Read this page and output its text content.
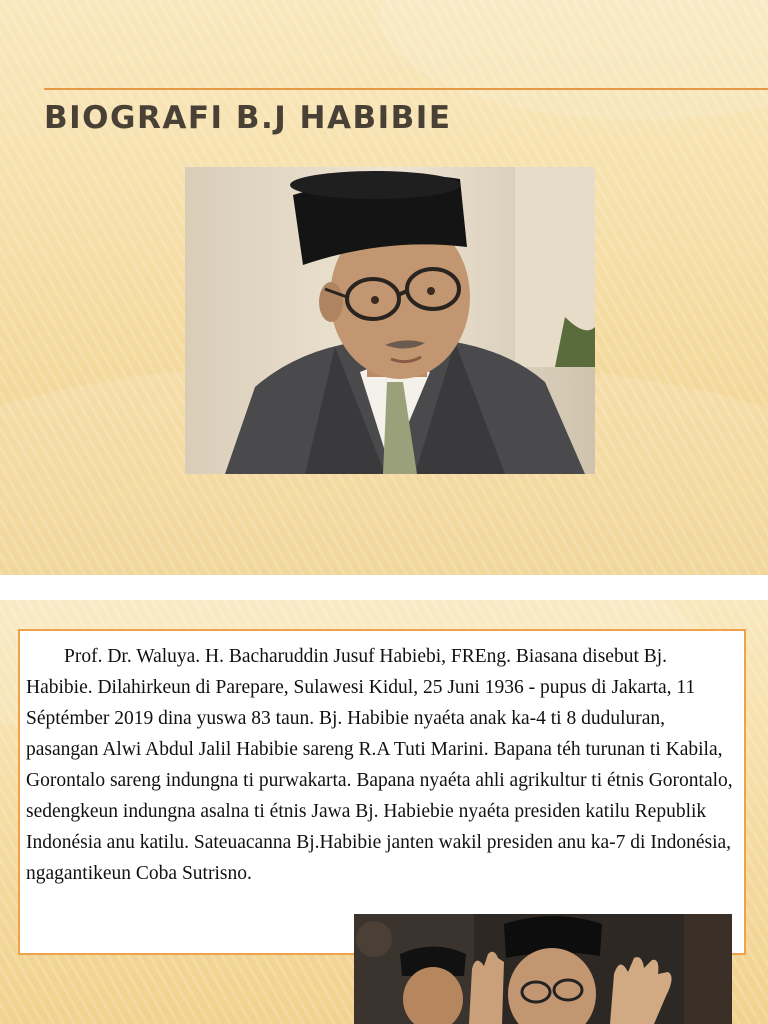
BIOGRAFI B.J HABIBIE

Prof. Dr. Waluya. H. Bacharuddin Jusuf Habiebi, FREng. Biasana disebut Bj. Habibie. Dilahirkeun di Parepare, Sulawesi Kidul, 25 Juni 1936 - pupus di Jakarta, 11 Séptémber 2019 dina yuswa 83 taun. Bj. Habibie nyaéta anak ka-4 ti 8 duduluran, pasangan Alwi Abdul Jalil Habibie sareng R.A Tuti Marini. Bapana téh turunan ti Kabila, Gorontalo sareng indungna ti purwakarta. Bapana nyaéta ahli agrikultur ti étnis Gorontalo, sedengkeun indungna asalna ti étnis Jawa Bj. Habiebie nyaéta presiden katilu Republik Indonésia anu katilu. Sateuacanna Bj.Habibie janten wakil presiden anu ka-7 di Indonésia, ngagantikeun Coba Sutrisno.
